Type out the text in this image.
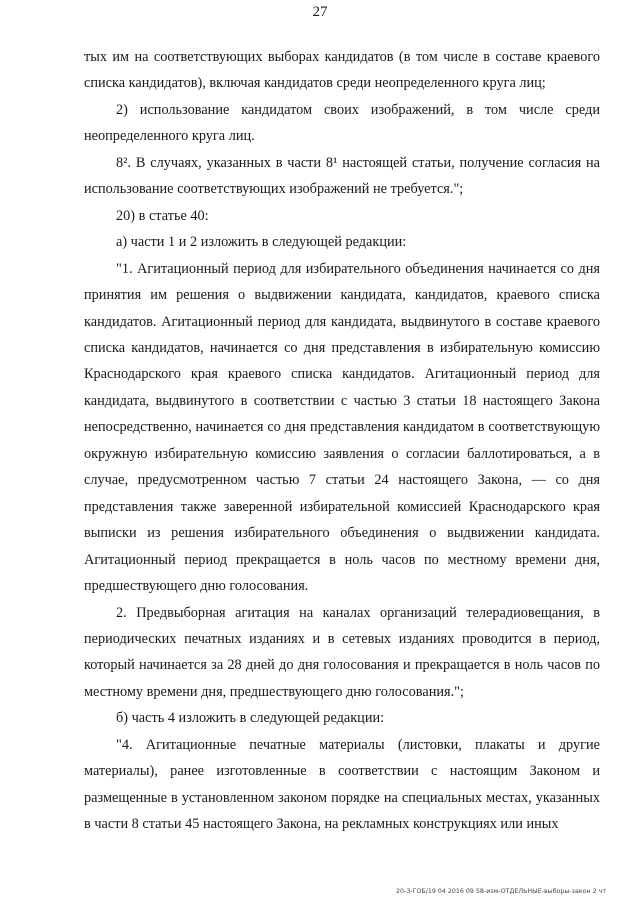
27

тых им на соответствующих выборах кандидатов (в том числе в составе краевого списка кандидатов), включая кандидатов среди неопределенного круга лиц;

2) использование кандидатом своих изображений, в том числе среди неопределенного круга лиц.

8². В случаях, указанных в части 8¹ настоящей статьи, получение согласия на использование соответствующих изображений не требуется.";

20) в статье 40:

а) части 1 и 2 изложить в следующей редакции:

"1. Агитационный период для избирательного объединения начинается со дня принятия им решения о выдвижении кандидата, кандидатов, краевого списка кандидатов. Агитационный период для кандидата, выдвинутого в составе краевого списка кандидатов, начинается со дня представления в избирательную комиссию Краснодарского края краевого списка кандидатов. Агитационный период для кандидата, выдвинутого в соответствии с частью 3 статьи 18 настоящего Закона непосредственно, начинается со дня представления кандидатом в соответствующую окружную избирательную комиссию заявления о согласии баллотироваться, а в случае, предусмотренном частью 7 статьи 24 настоящего Закона, — со дня представления также заверенной избирательной комиссией Краснодарского края выписки из решения избирательного объединения о выдвижении кандидата. Агитационный период прекращается в ноль часов по местному времени дня, предшествующего дню голосования.

2. Предвыборная агитация на каналах организаций телерадиовещания, в периодических печатных изданиях и в сетевых изданиях проводится в период, который начинается за 28 дней до дня голосования и прекращается в ноль часов по местному времени дня, предшествующего дню голосования.";

б) часть 4 изложить в следующей редакции:

"4. Агитационные печатные материалы (листовки, плакаты и другие материалы), ранее изготовленные в соответствии с настоящим Законом и размещенные в установленном законом порядке на специальных местах, указанных в части 8 статьи 45 настоящего Закона, на рекламных конструкциях или иных

20-3-ГОБ/19 04 2016 09 58-изм-ОТДЕЛЬНЫЕ-выборы-закон 2 чт
